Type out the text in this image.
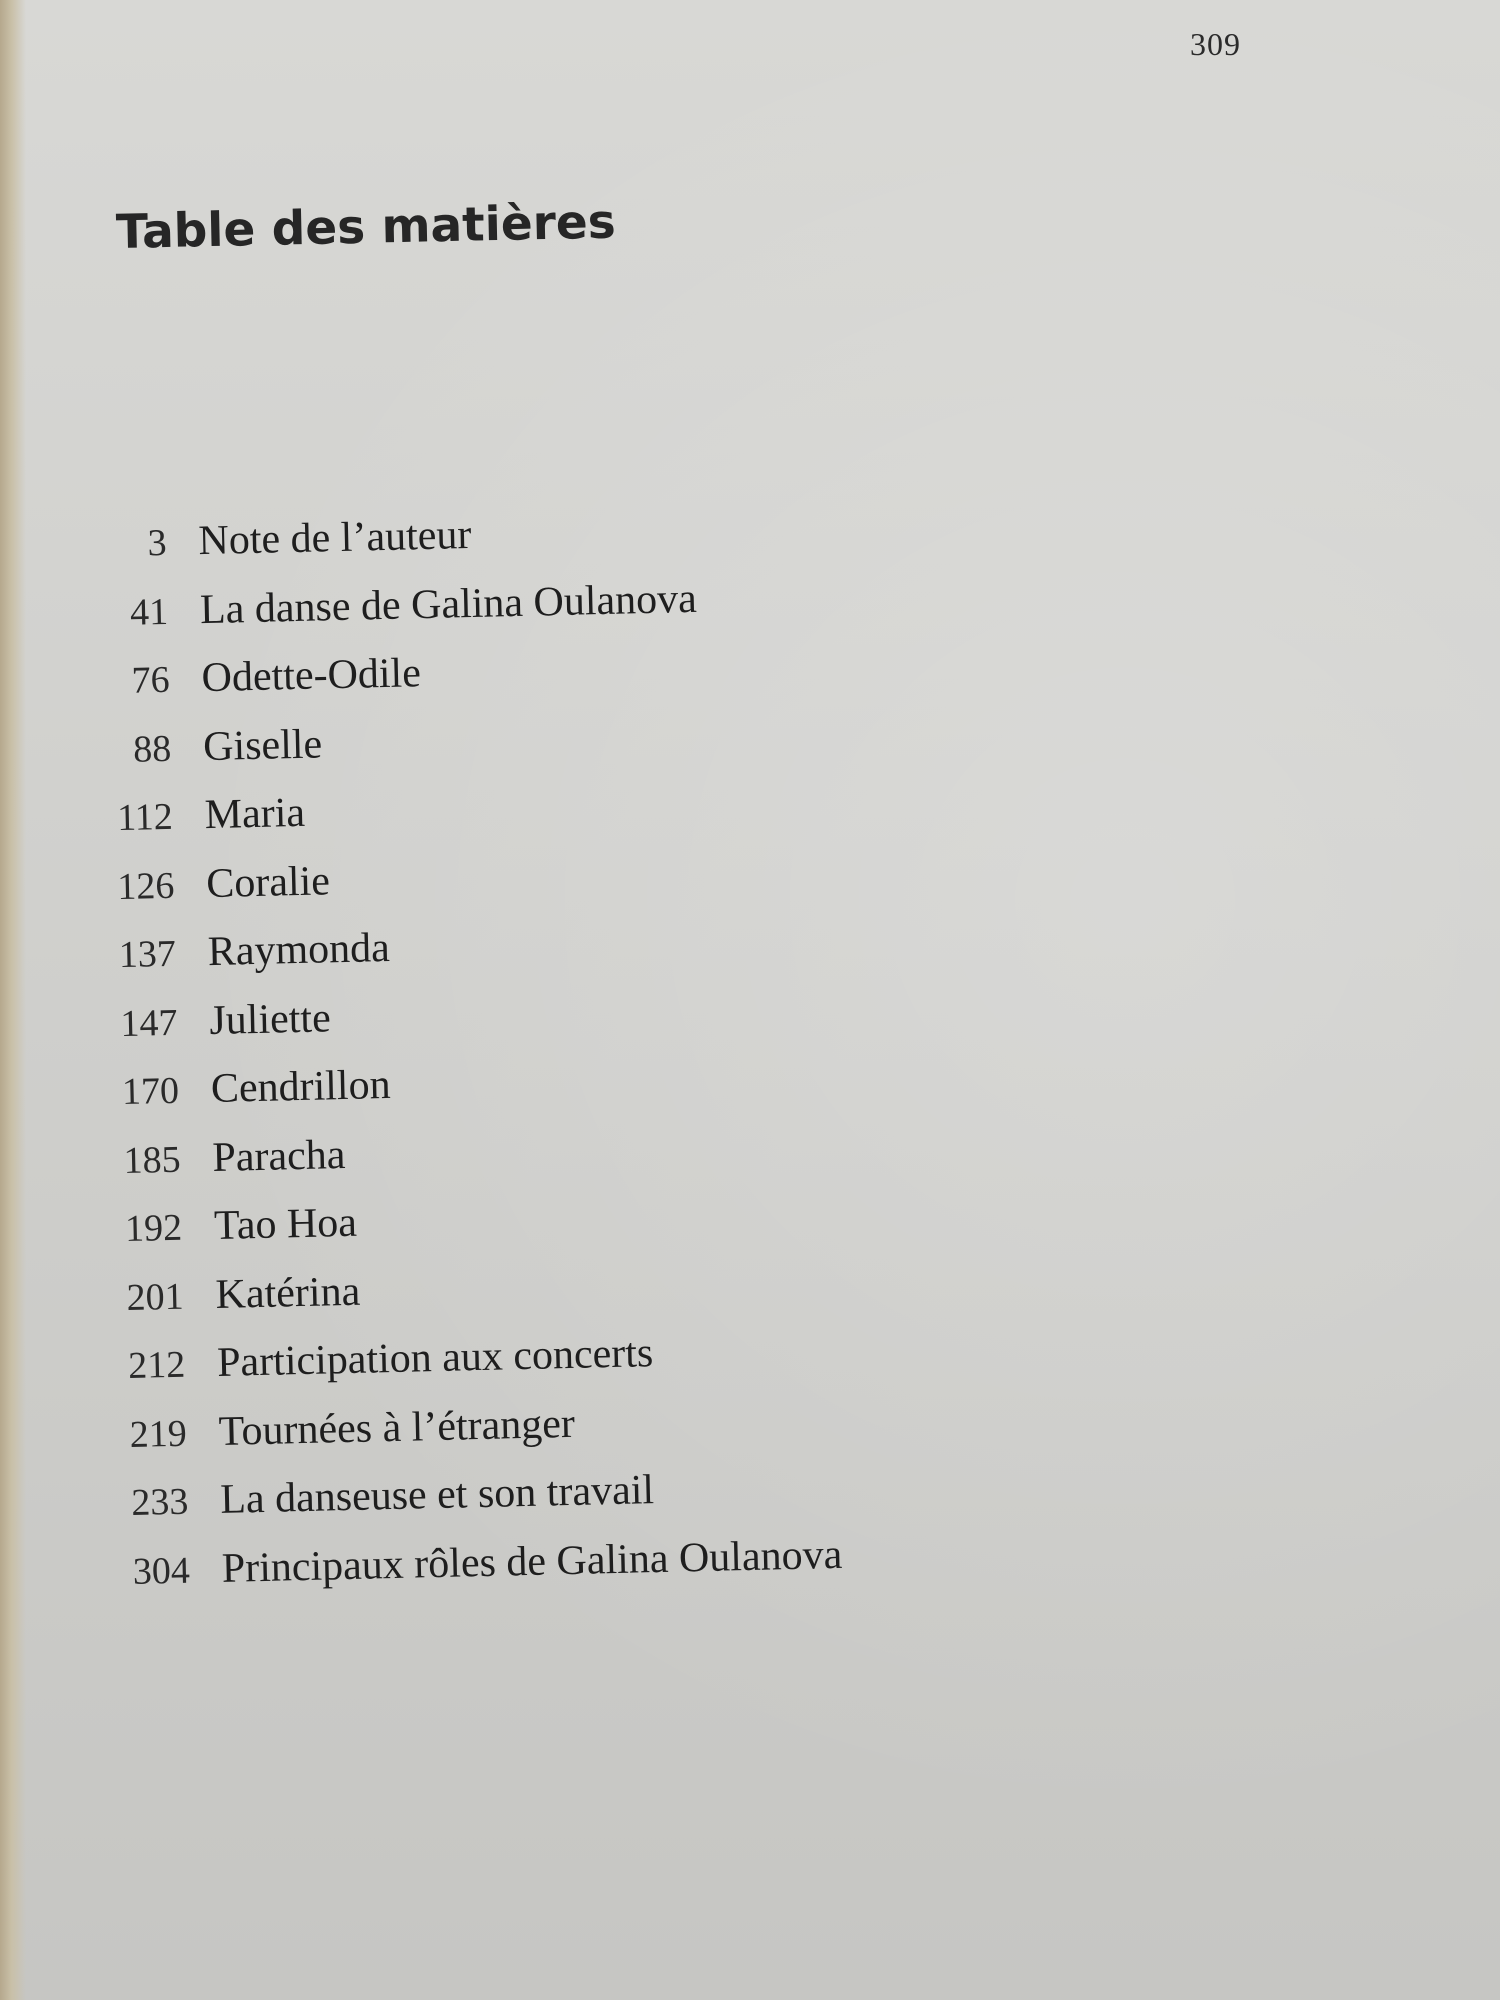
309
Table des matières
3 Note de l’auteur
41 La danse de Galina Oulanova
76 Odette-Odile
88 Giselle
112 Maria
126 Coralie
137 Raymonda
147 Juliette
170 Cendrillon
185 Paracha
192 Tao Hoa
201 Katérina
212 Participation aux concerts
219 Tournées à l’étranger
233 La danseuse et son travail
304 Principaux rôles de Galina Oulanova
